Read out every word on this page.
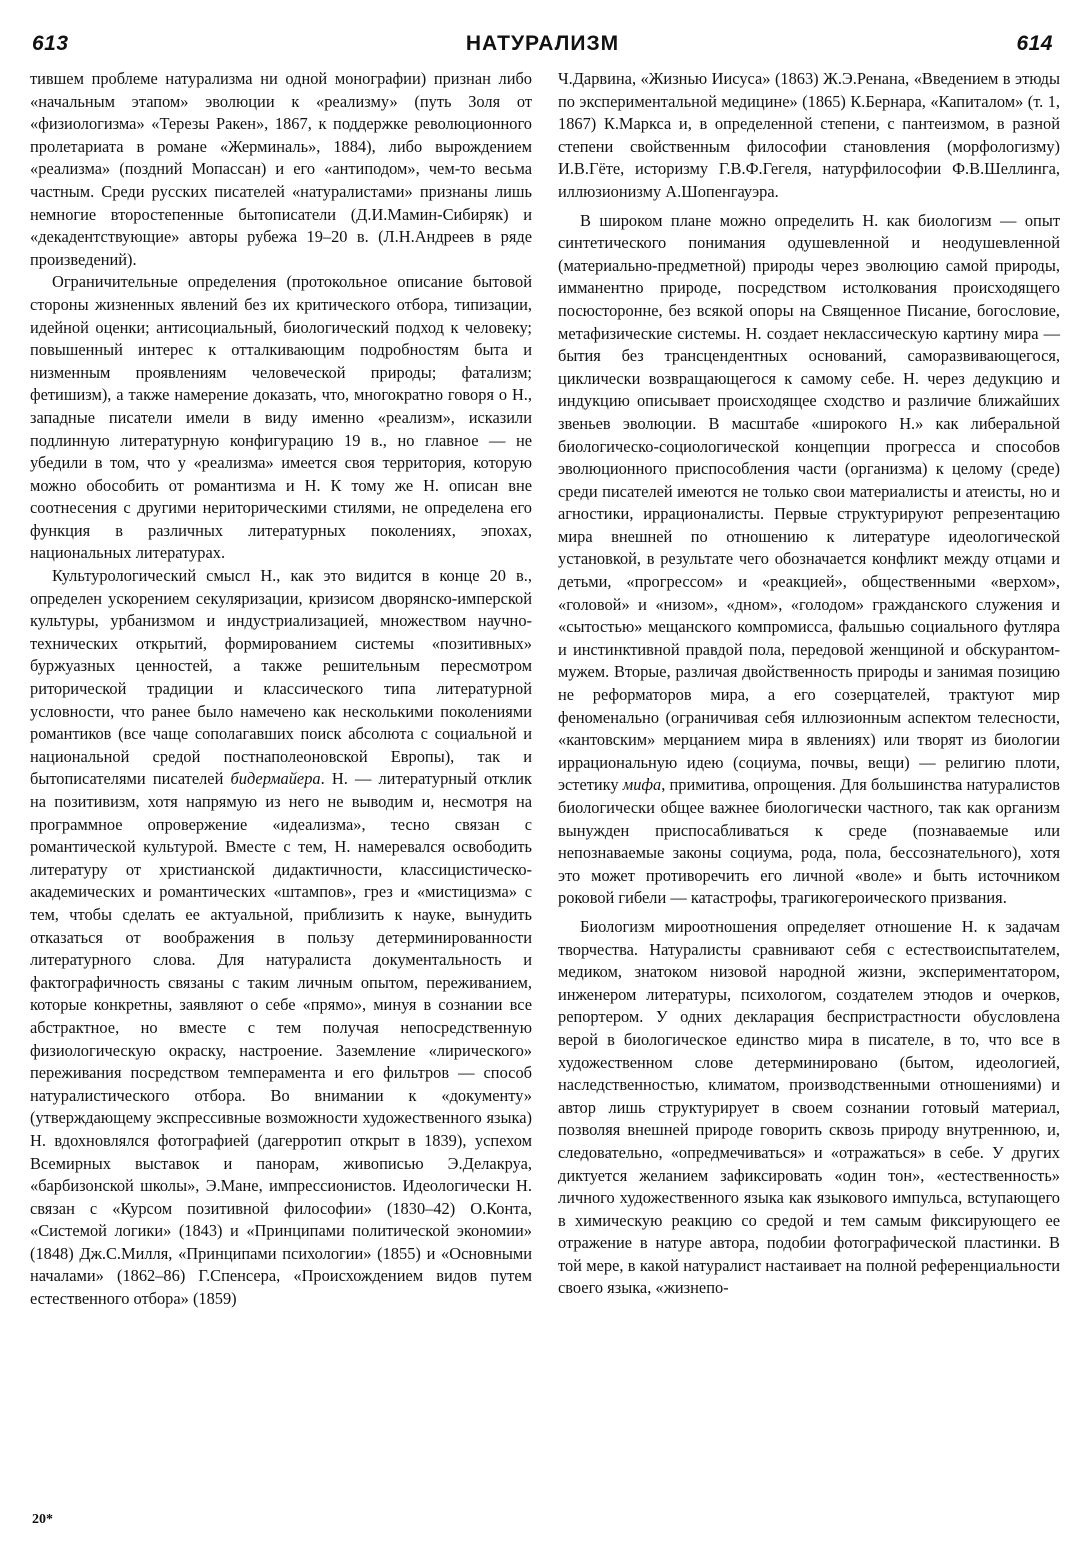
613	НАТУРАЛИЗМ	614

тившем проблеме натурализма ни одной монографии) признан либо «начальным этапом» эволюции к «реализму» (путь Золя от «физиологизма» «Терезы Ракен», 1867, к поддержке революционного пролетариата в романе «Жерминаль», 1884), либо вырождением «реализма» (поздний Мопассан) и его «антиподом», чем-то весьма частным. Среди русских писателей «натуралистами» признаны лишь немногие второстепенные бытописатели (Д.И.Мамин-Сибиряк) и «декадентствующие» авторы рубежа 19–20 в. (Л.Н.Андреев в ряде произведений).

Ограничительные определения (протокольное описание бытовой стороны жизненных явлений без их критического отбора, типизации, идейной оценки; антисоциальный, биологический подход к человеку; повышенный интерес к отталкивающим подробностям быта и низменным проявлениям человеческой природы; фатализм; фетишизм), а также намерение доказать, что, многократно говоря о Н., западные писатели имели в виду именно «реализм», исказили подлинную литературную конфигурацию 19 в., но главное — не убедили в том, что у «реализма» имеется своя территория, которую можно обособить от романтизма и Н. К тому же Н. описан вне соотнесения с другими нериторическими стилями, не определена его функция в различных литературных поколениях, эпохах, национальных литературах.

Культурологический смысл Н., как это видится в конце 20 в., определен ускорением секуляризации, кризисом дворянско-имперской культуры, урбанизмом и индустриализацией, множеством научно-технических открытий, формированием системы «позитивных» буржуазных ценностей, а также решительным пересмотром риторической традиции и классического типа литературной условности, что ранее было намечено как несколькими поколениями романтиков (все чаще сополагавших поиск абсолюта с социальной и национальной средой постнаполеоновской Европы), так и бытописателями писателей бидермайера. Н. — литературный отклик на позитивизм, хотя напрямую из него не выводим и, несмотря на программное опровержение «идеализма», тесно связан с романтической культурой. Вместе с тем, Н. намеревался освободить литературу от христианской дидактичности, классицистическо-академических и романтических «штампов», грез и «мистицизма» с тем, чтобы сделать ее актуальной, приблизить к науке, вынудить отказаться от воображения в пользу детерминированности литературного слова. Для натуралиста документальность и фактографичность связаны с таким личным опытом, переживанием, которые конкретны, заявляют о себе «прямо», минуя в сознании все абстрактное, но вместе с тем получая непосредственную физиологическую окраску, настроение. Заземление «лирического» переживания посредством темперамента и его фильтров — способ натуралистического отбора. Во внимании к «документу» (утверждающему экспрессивные возможности художественного языка) Н. вдохновлялся фотографией (дагерротип открыт в 1839), успехом Всемирных выставок и панорам, живописью Э.Делакруа, «барбизонской школы», Э.Мане, импрессионистов. Идеологически Н. связан с «Курсом позитивной философии» (1830–42) О.Конта, «Системой логики» (1843) и «Принципами политической экономии» (1848) Дж.С.Милля, «Принципами психологии» (1855) и «Основными началами» (1862–86) Г.Спенсера, «Происхождением видов путем естественного отбора» (1859)

Ч.Дарвина, «Жизнью Иисуса» (1863) Ж.Э.Ренана, «Введением в этюды по экспериментальной медицине» (1865) К.Бернара, «Капиталом» (т. 1, 1867) К.Маркса и, в определенной степени, с пантеизмом, в разной степени свойственным философии становления (морфологизму) И.В.Гёте, историзму Г.В.Ф.Гегеля, натурфилософии Ф.В.Шеллинга, иллюзионизму А.Шопенгауэра.

В широком плане можно определить Н. как биологизм — опыт синтетического понимания одушевленной и неодушевленной (материально-предметной) природы через эволюцию самой природы, имманентно природе, посредством истолкования происходящего посюсторонне, без всякой опоры на Священное Писание, богословие, метафизические системы. Н. создает неклассическую картину мира — бытия без трансцендентных оснований, саморазвивающегося, циклически возвращающегося к самому себе. Н. через дедукцию и индукцию описывает происходящее сходство и различие ближайших звеньев эволюции. В масштабе «широкого Н.» как либеральной биологическо-социологической концепции прогресса и способов эволюционного приспособления части (организма) к целому (среде) среди писателей имеются не только свои материалисты и атеисты, но и агностики, иррационалисты. Первые структурируют репрезентацию мира внешней по отношению к литературе идеологической установкой, в результате чего обозначается конфликт между отцами и детьми, «прогрессом» и «реакцией», общественными «верхом», «головой» и «низом», «дном», «голодом» гражданского служения и «сытостью» мещанского компромисса, фальшью социального футляра и инстинктивной правдой пола, передовой женщиной и обскурантом-мужем. Вторые, различая двойственность природы и занимая позицию не реформаторов мира, а его созерцателей, трактуют мир феноменально (ограничивая себя иллюзионным аспектом телесности, «кантовским» мерцанием мира в явлениях) или творят из биологии иррациональную идею (социума, почвы, вещи) — религию плоти, эстетику мифа, примитива, опрощения. Для большинства натуралистов биологически общее важнее биологически частного, так как организм вынужден приспосабливаться к среде (познаваемые или непознаваемые законы социума, рода, пола, бессознательного), хотя это может противоречить его личной «воле» и быть источником роковой гибели — катастрофы, трагикогероического призвания.

Биологизм мироотношения определяет отношение Н. к задачам творчества. Натуралисты сравнивают себя с естествоиспытателем, медиком, знатоком низовой народной жизни, экспериментатором, инженером литературы, психологом, создателем этюдов и очерков, репортером. У одних декларация беспристрастности обусловлена верой в биологическое единство мира в писателе, в то, что все в художественном слове детерминировано (бытом, идеологией, наследственностью, климатом, производственными отношениями) и автор лишь структурирует в своем сознании готовый материал, позволяя внешней природе говорить сквозь природу внутреннюю, и, следовательно, «опредмечиваться» и «отражаться» в себе. У других диктуется желанием зафиксировать «один тон», «естественность» личного художественного языка как языкового импульса, вступающего в химическую реакцию со средой и тем самым фиксирующего ее отражение в натуре автора, подобии фотографической пластинки. В той мере, в какой натуралист настаивает на полной референциальности своего языка, «жизнепо-

20*
